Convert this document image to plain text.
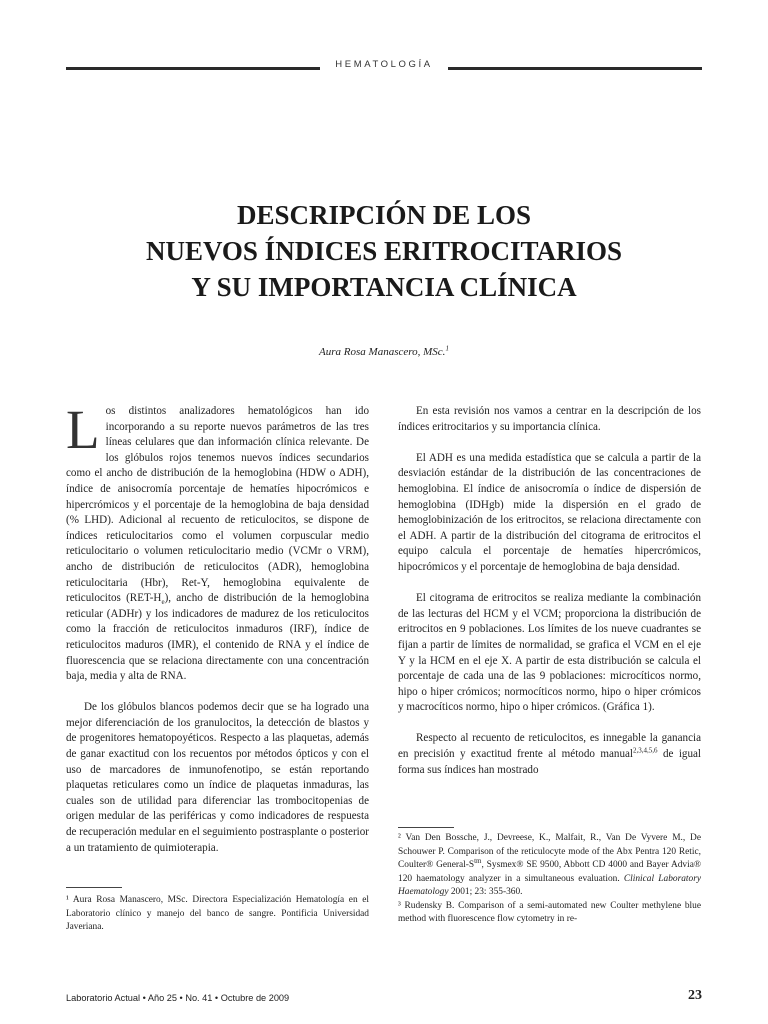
HEMATOLOGÍA
DESCRIPCIÓN DE LOS
NUEVOS ÍNDICES ERITROCITARIOS
Y SU IMPORTANCIA CLÍNICA
Aura Rosa Manascero, MSc.$^1$

Los distintos analizadores hematológicos han ido incorporando a su reporte nuevos parámetros de las tres líneas celulares que dan información clínica relevante. De los glóbulos rojos tenemos nuevos índices secundarios como el ancho de distribución de la hemoglobina (HDW o ADH), índice de anisocromía porcentaje de hematíes hipocrómicos e hipercrómicos y el porcentaje de la hemoglobina de baja densidad (% LHD). Adicional al recuento de reticulocitos, se dispone de índices reticulocitarios como el volumen corpuscular medio reticulocitario o volumen reticulocitario medio (VCMr o VRM), ancho de distribución de reticulocitos (ADR), hemoglobina reticulocitaria (Hbr), Ret-Y, hemoglobina equivalente de reticulocitos $(RET-H_e)$, ancho de distribución de la hemoglobina reticular (ADHr) y los indicadores de madurez de los reticulocitos como la fracción de reticulocitos inmaduros (IRF), índice de reticulocitos maduros (IMR), el contenido de RNA y el índice de fluorescencia que se relaciona directamente con una concentración baja, media y alta de RNA.

De los glóbulos blancos podemos decir que se ha logrado una mejor diferenciación de los granulocitos, la detección de blastos y de progenitores hematopoyéticos. Respecto a las plaquetas, además de ganar exactitud con los recuentos por métodos ópticos y con el uso de marcadores de inmunofenotipo, se están reportando plaquetas reticulares como un índice de plaquetas inmaduras, las cuales son de utilidad para diferenciar las trombocitopenias de origen medular de las periféricas y como indicadores de respuesta de recuperación medular en el seguimiento postrasplante o posterior a un tratamiento de quimioterapia.

En esta revisión nos vamos a centrar en la descripción de los índices eritrocitarios y su importancia clínica.

El ADH es una medida estadística que se calcula a partir de la desviación estándar de la distribución de las concentraciones de hemoglobina. El índice de anisocromía o índice de dispersión de hemoglobina (IDHgb) mide la dispersión en el grado de hemoglobinización de los eritrocitos, se relaciona directamente con el ADH. A partir de la distribución del citograma de eritrocitos el equipo calcula el porcentaje de hematíes hipercrómicos, hipocrómicos y el porcentaje de hemoglobina de baja densidad.

El citograma de eritrocitos se realiza mediante la combinación de las lecturas del HCM y el VCM; proporciona la distribución de eritrocitos en 9 poblaciones. Los límites de los nueve cuadrantes se fijan a partir de límites de normalidad, se grafica el VCM en el eje Y y la HCM en el eje X. A partir de esta distribución se calcula el porcentaje de cada una de las 9 poblaciones: microcíticos normo, hipo o hiper crómicos; normocíticos normo, hipo o hiper crómicos y macrocíticos normo, hipo o hiper crómicos. (Gráfica 1).

Respecto al recuento de reticulocitos, es innegable la ganancia en precisión y exactitud frente al método manual$^{2,3,4,5,6}$ de igual forma sus índices han mostrado

² Van Den Bossche, J., Devreese, K., Malfait, R., Van De Vyvere M., De Schouwer P. Comparison of the reticulocyte mode of the Abx Pentra 120 Retic, Coulter® General-$S^{tm}$, Sysmex® SE 9500, Abbott CD 4000 and Bayer Advia® 120 haematology analyzer in a simultaneous evaluation. Clinical Laboratory Haematology 2001; 23: 355-360.

³ Rudensky B. Comparison of a semi-automated new Coulter methylene blue method with fluorescence flow cytometry in re-

¹ Aura Rosa Manascero, MSc. Directora Especialización Hematología en el Laboratorio clínico y manejo del banco de sangre. Pontificia Universidad Javeriana.

Laboratorio Actual • Año 25 • No. 41 • Octubre de 2009	23
